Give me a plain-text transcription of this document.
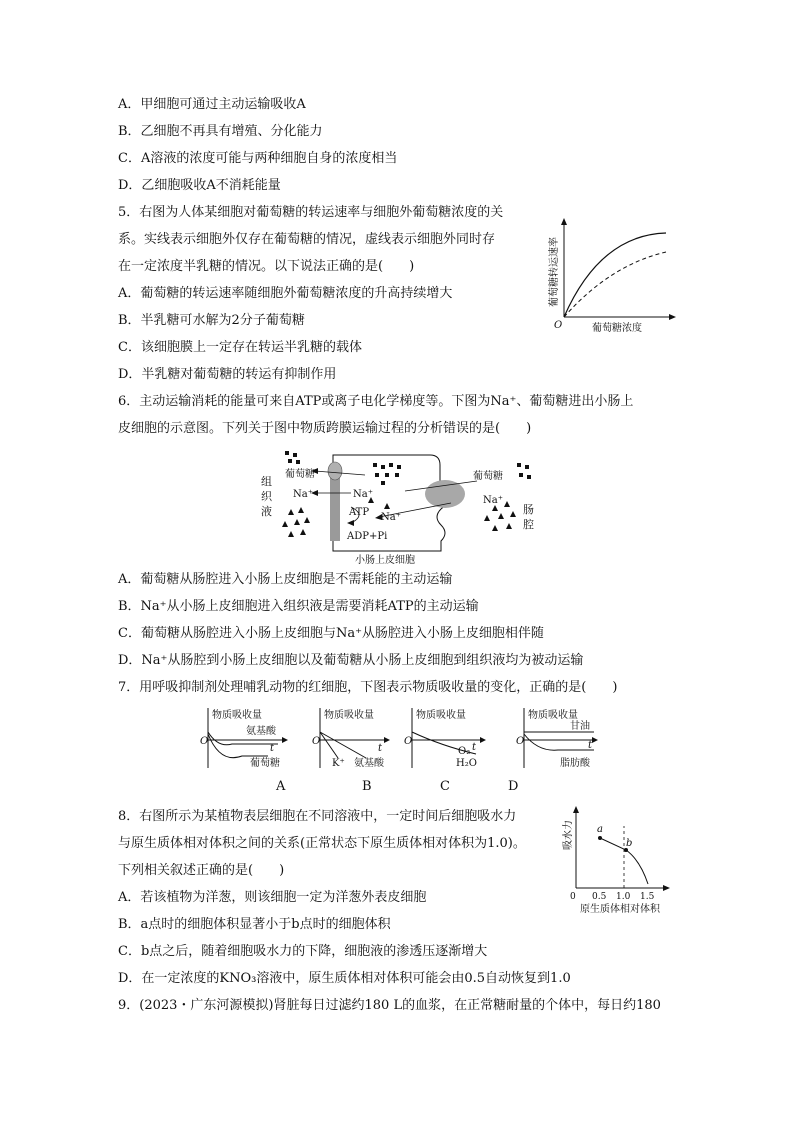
A．甲细胞可通过主动运输吸收A
B．乙细胞不再具有增殖、分化能力
C．A溶液的浓度可能与两种细胞自身的浓度相当
D．乙细胞吸收A不消耗能量
5．右图为人体某细胞对葡萄糖的转运速率与细胞外葡萄糖浓度的关
系。实线表示细胞外仅存在葡萄糖的情况，虚线表示细胞外同时存
在一定浓度半乳糖的情况。以下说法正确的是(　　)
A．葡萄糖的转运速率随细胞外葡萄糖浓度的升高持续增大
B．半乳糖可水解为2分子葡萄糖
C．该细胞膜上一定存在转运半乳糖的载体
D．半乳糖对葡萄糖的转运有抑制作用
O	葡萄糖浓度
葡萄糖转运速率
6．主动运输消耗的能量可来自ATP或离子电化学梯度等。下图为Na⁺、葡萄糖进出小肠上
皮细胞的示意图。下列关于图中物质跨膜运输过程的分析错误的是(　　)
组
织
液	肠
腔
葡萄糖	葡萄糖
Na⁺	Na⁺
Na⁺
Na⁺
ATP
ADP+Pi
小肠上皮细胞
A．葡萄糖从肠腔进入小肠上皮细胞是不需耗能的主动运输
B．Na⁺从小肠上皮细胞进入组织液是需要消耗ATP的主动运输
C．葡萄糖从肠腔进入小肠上皮细胞与Na⁺从肠腔进入小肠上皮细胞相伴随
D．Na⁺从肠腔到小肠上皮细胞以及葡萄糖从小肠上皮细胞到组织液均为被动运输
7．用呼吸抑制剂处理哺乳动物的红细胞，下图表示物质吸收量的变化，正确的是(　　)
物质吸收量
O
氨基酸
t
葡萄糖
A
物质吸收量
O
t
K⁺ 氨基酸
B
物质吸收量
O
O₂ t
H₂O
C
物质吸收量
O
甘油
t
脂肪酸
D
8．右图所示为某植物表层细胞在不同溶液中，一定时间后细胞吸水力
与原生质体相对体积之间的关系(正常状态下原生质体相对体积为1.0)。
下列相关叙述正确的是(　　)
A．若该植物为洋葱，则该细胞一定为洋葱外表皮细胞
B．a点时的细胞体积显著小于b点时的细胞体积
C．b点之后，随着细胞吸水力的下降，细胞液的渗透压逐渐增大
D．在一定浓度的KNO₃溶液中，原生质体相对体积可能会由0.5自动恢复到1.0
a
b
吸水力
0 0.5 1.0 1.5
原生质体相对体积
9．(2023・广东河源模拟)肾脏每日过滤约180 L的血浆，在正常糖耐量的个体中，每日约180
